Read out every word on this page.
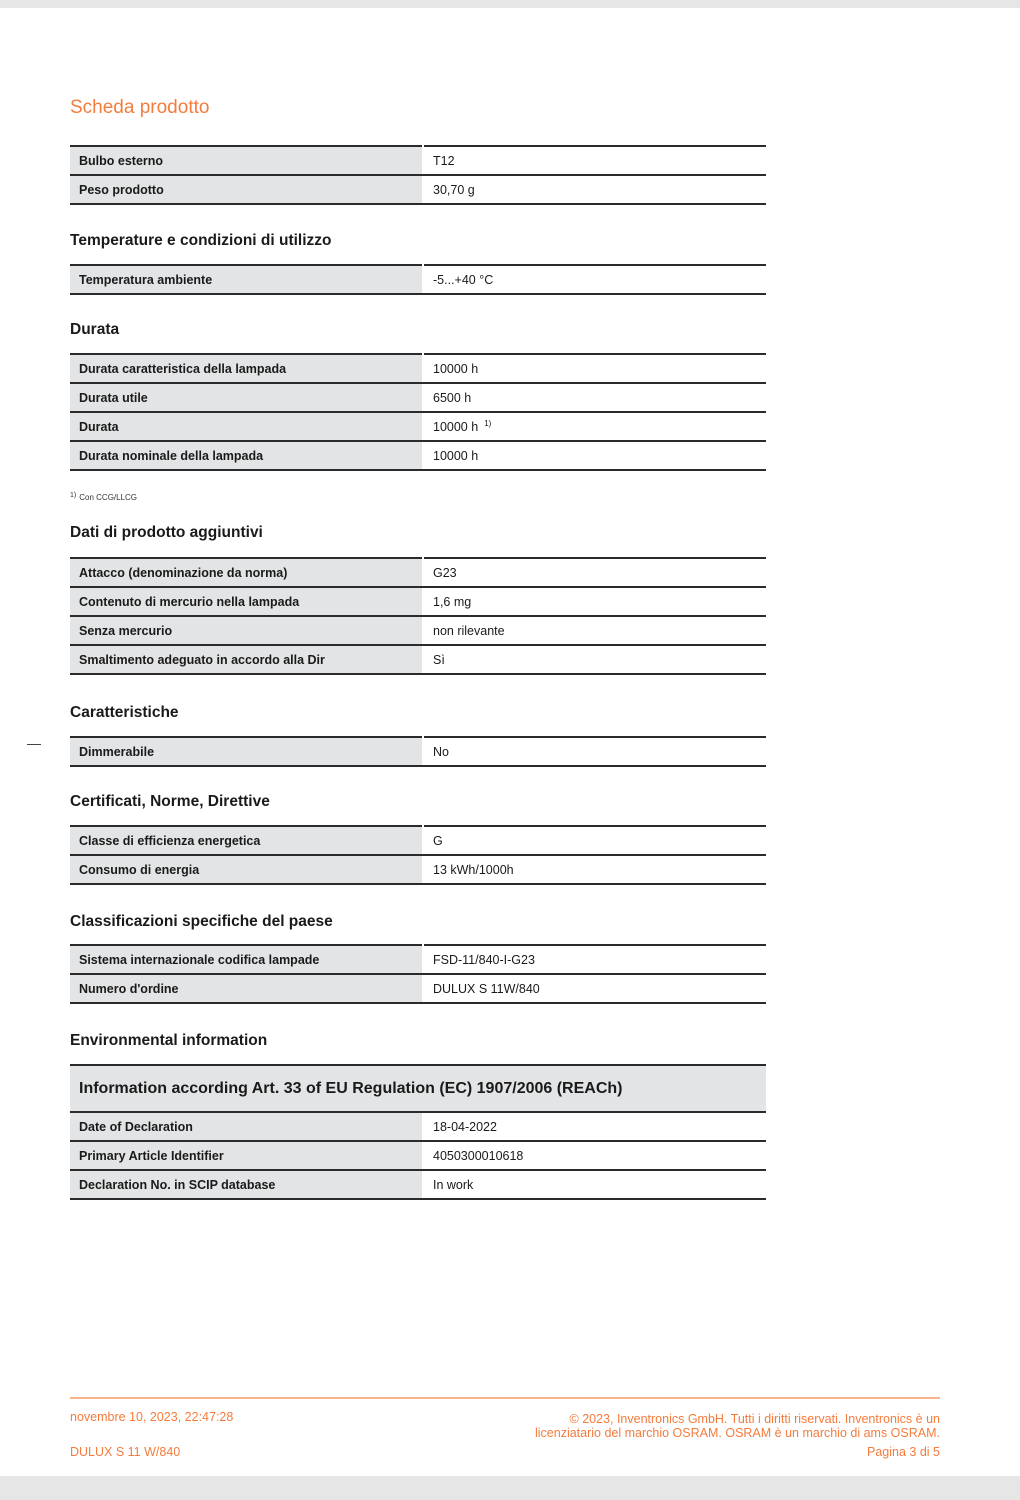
Scheda prodotto
Bulbo esterno	T12
Peso prodotto	30,70 g
Temperature e condizioni di utilizzo
Temperatura ambiente	-5...+40 °C
Durata
Durata caratteristica della lampada	10000 h
Durata utile	6500 h
Durata	10000 h $^{1)}$
Durata nominale della lampada	10000 h
1) Con CCG/LLCG
Dati di prodotto aggiuntivi
Attacco (denominazione da norma)	G23
Contenuto di mercurio nella lampada	1,6 mg
Senza mercurio	non rilevante
Smaltimento adeguato in accordo alla Dir	Sì
Caratteristiche
Dimmerabile	No
Certificati, Norme, Direttive
Classe di efficienza energetica	G
Consumo di energia	13 kWh/1000h
Classificazioni specifiche del paese
Sistema internazionale codifica lampade	FSD-11/840-I-G23
Numero d'ordine	DULUX S 11W/840
Environmental information
Information according Art. 33 of EU Regulation (EC) 1907/2006 (REACh)	
Date of Declaration	18-04-2022
Primary Article Identifier	4050300010618
Declaration No. in SCIP database	In work
novembre 10, 2023, 22:47:28
DULUX S 11 W/840
© 2023, Inventronics GmbH. Tutti i diritti riservati. Inventronics è un
licenziatario del marchio OSRAM. OSRAM è un marchio di ams OSRAM.
Pagina 3 di 5
